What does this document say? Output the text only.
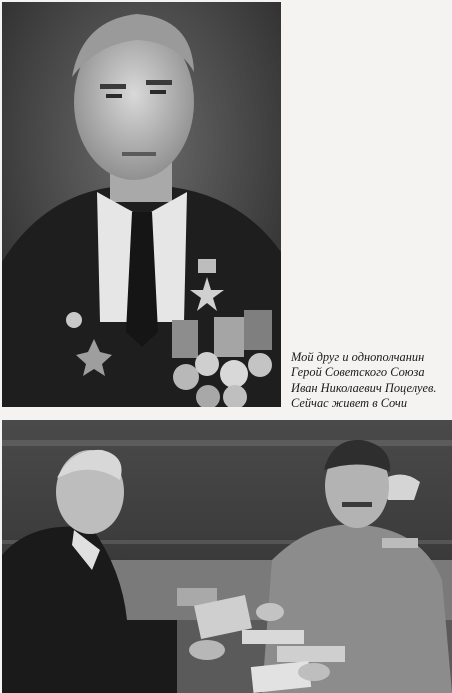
Мой друг и однополчанин
Герой Советского Союза
Иван Николаевич Поцелуев.
Сейчас живет в Сочи
